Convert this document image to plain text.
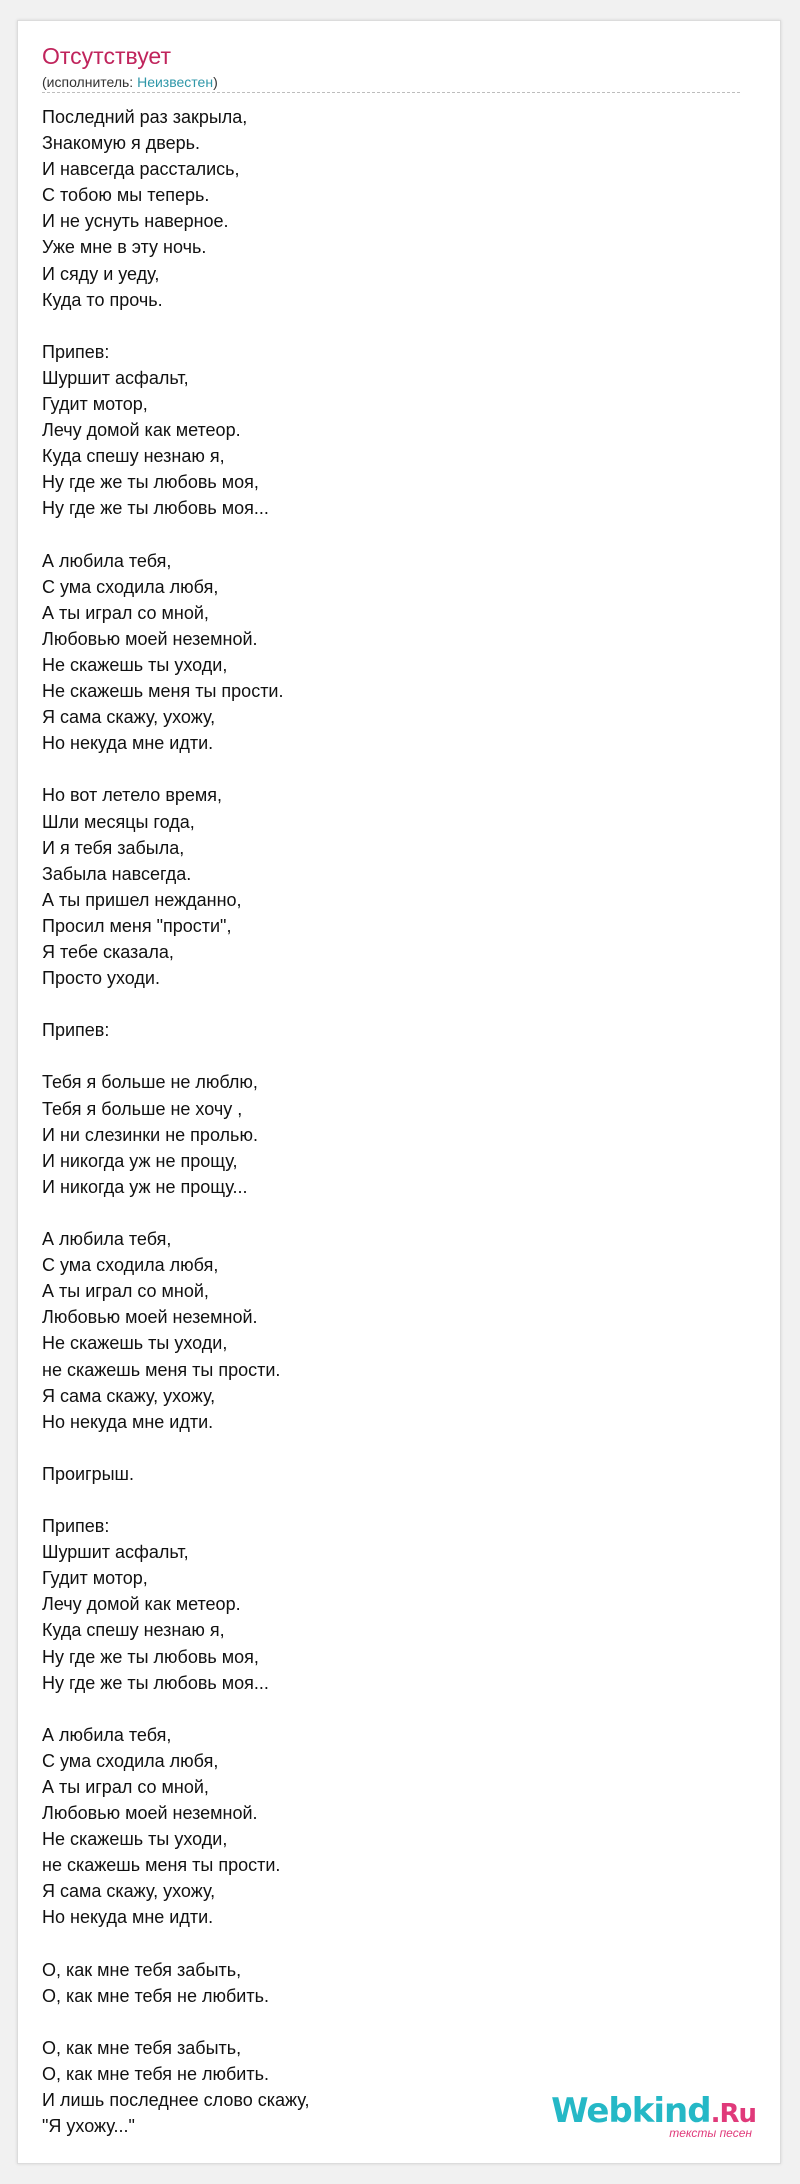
Отсутствует
(исполнитель: Неизвестен)
Последний раз закрыла,
Знакомую я дверь.
И навсегда расстались,
С тобою мы теперь.
И не уснуть наверное.
Уже мне в эту ночь.
И сяду и уеду,
Куда то прочь.

Припев:
Шуршит асфальт,
Гудит мотор,
Лечу домой как метеор.
Куда спешу незнаю я,
Ну где же ты любовь моя,
Ну где же ты любовь моя...

А любила тебя,
С ума сходила любя,
А ты играл со мной,
Любовью моей неземной.
Не скажешь ты уходи,
Не скажешь меня ты прости.
Я сама скажу, ухожу,
Но некуда мне идти.

Но вот летело время,
Шли месяцы года,
И я тебя забыла,
Забыла навсегда.
А ты пришел нежданно,
Просил меня "прости",
Я тебе сказала,
Просто уходи.

Припев:

Тебя я больше не люблю,
Тебя я больше не хочу ,
И ни слезинки не пролью.
И никогда уж не прощу,
И никогда уж не прощу...

А любила тебя,
С ума сходила любя,
А ты играл со мной,
Любовью моей неземной.
Не скажешь ты уходи,
не скажешь меня ты прости.
Я сама скажу, ухожу,
Но некуда мне идти.

Проигрыш.

Припев:
Шуршит асфальт,
Гудит мотор,
Лечу домой как метеор.
Куда спешу незнаю я,
Ну где же ты любовь моя,
Ну где же ты любовь моя...

А любила тебя,
С ума сходила любя,
А ты играл со мной,
Любовью моей неземной.
Не скажешь ты уходи,
не скажешь меня ты прости.
Я сама скажу, ухожу,
Но некуда мне идти.

О, как мне тебя забыть,
О, как мне тебя не любить.

О, как мне тебя забыть,
О, как мне тебя не любить.
И лишь последнее слово скажу,
"Я ухожу..."	Webkind.Ru
тексты песен
